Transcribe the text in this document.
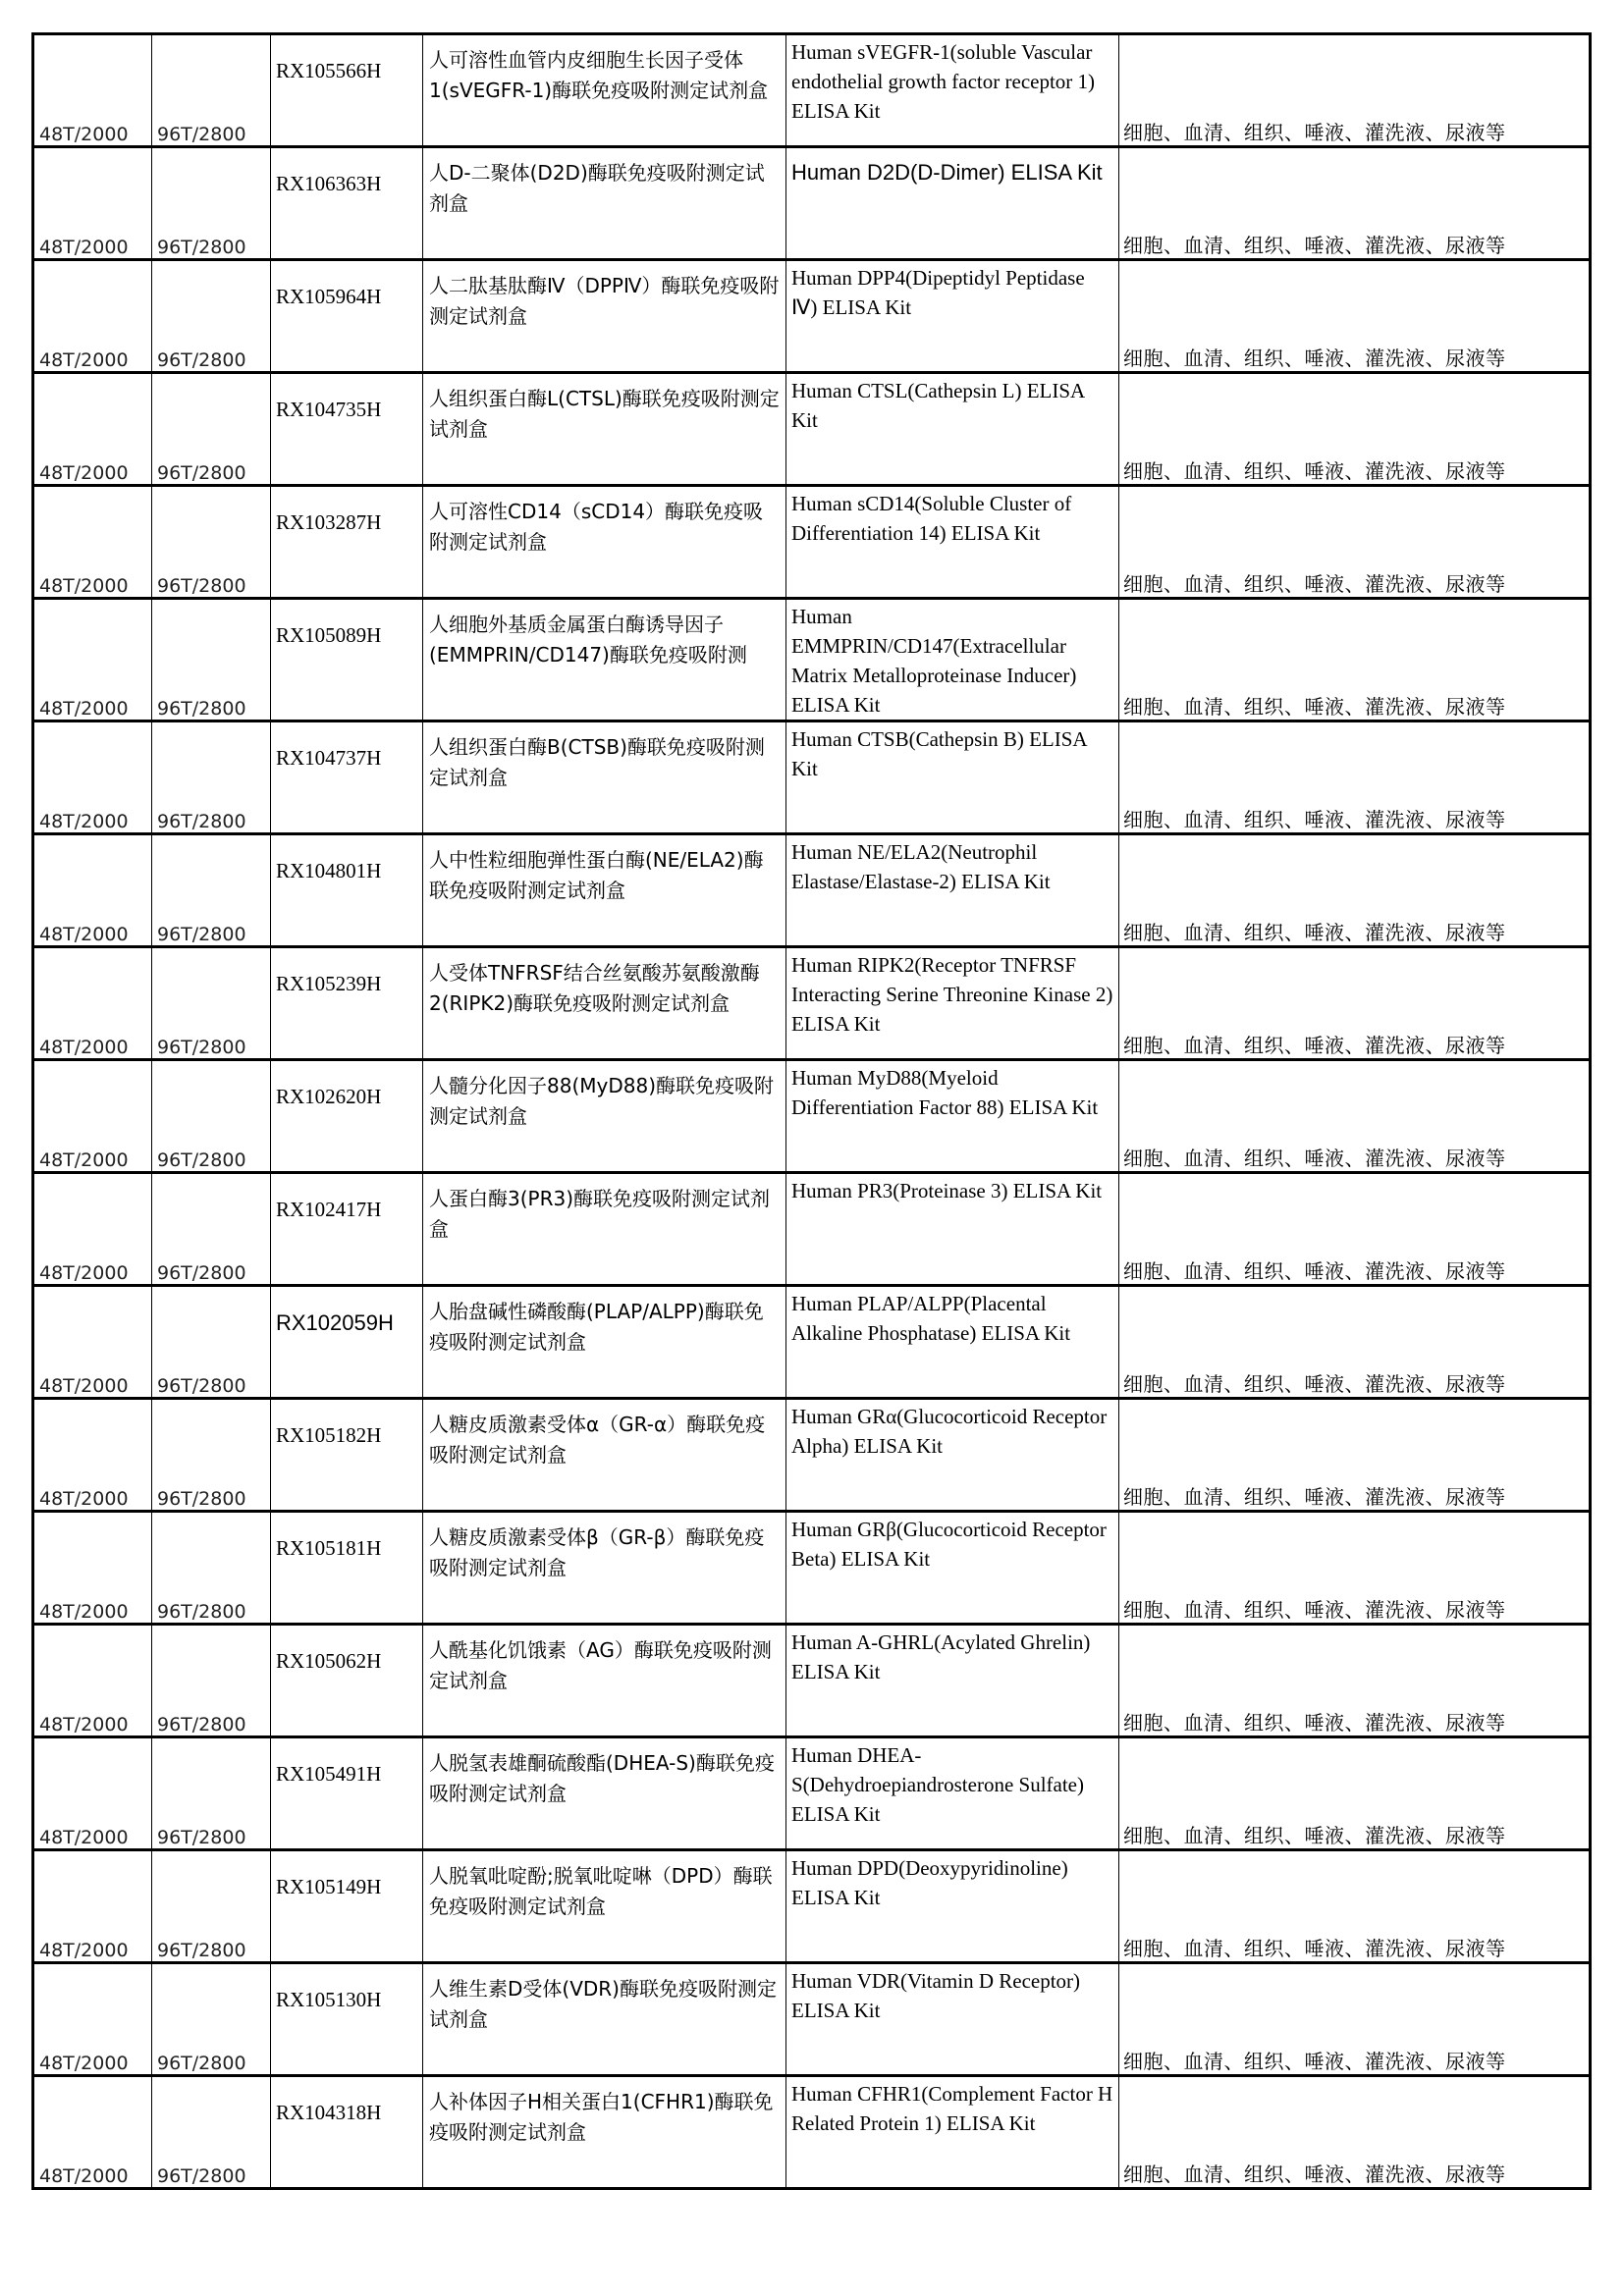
48T/2000	96T/2800	RX105566H	人可溶性血管内皮细胞生长因子受体1(sVEGFR-1)酶联免疫吸附测定试剂盒	Human sVEGFR-1(soluble Vascular endothelial growth factor receptor 1) ELISA Kit	细胞、血清、组织、唾液、灌洗液、尿液等

48T/2000	96T/2800	RX106363H	人D-二聚体(D2D)酶联免疫吸附测定试剂盒	Human D2D(D-Dimer) ELISA Kit	细胞、血清、组织、唾液、灌洗液、尿液等

48T/2000	96T/2800	RX105964H	人二肽基肽酶Ⅳ（DPPⅣ）酶联免疫吸附测定试剂盒	Human DPP4(Dipeptidyl Peptidase Ⅳ) ELISA Kit	细胞、血清、组织、唾液、灌洗液、尿液等

48T/2000	96T/2800	RX104735H	人组织蛋白酶L(CTSL)酶联免疫吸附测定试剂盒	Human CTSL(Cathepsin L) ELISA Kit	细胞、血清、组织、唾液、灌洗液、尿液等

48T/2000	96T/2800	RX103287H	人可溶性CD14（sCD14）酶联免疫吸附测定试剂盒	Human sCD14(Soluble Cluster of Differentiation 14) ELISA Kit	细胞、血清、组织、唾液、灌洗液、尿液等

48T/2000	96T/2800	RX105089H	人细胞外基质金属蛋白酶诱导因子(EMMPRIN/CD147)酶联免疫吸附测	Human EMMPRIN/CD147(Extracellular Matrix Metalloproteinase Inducer) ELISA Kit	细胞、血清、组织、唾液、灌洗液、尿液等

48T/2000	96T/2800	RX104737H	人组织蛋白酶B(CTSB)酶联免疫吸附测定试剂盒	Human CTSB(Cathepsin B) ELISA Kit	细胞、血清、组织、唾液、灌洗液、尿液等

48T/2000	96T/2800	RX104801H	人中性粒细胞弹性蛋白酶(NE/ELA2)酶联免疫吸附测定试剂盒	Human NE/ELA2(Neutrophil Elastase/Elastase-2) ELISA Kit	细胞、血清、组织、唾液、灌洗液、尿液等

48T/2000	96T/2800	RX105239H	人受体TNFRSF结合丝氨酸苏氨酸激酶2(RIPK2)酶联免疫吸附测定试剂盒	Human RIPK2(Receptor TNFRSF Interacting Serine Threonine Kinase 2) ELISA Kit	细胞、血清、组织、唾液、灌洗液、尿液等

48T/2000	96T/2800	RX102620H	人髓分化因子88(MyD88)酶联免疫吸附测定试剂盒	Human MyD88(Myeloid Differentiation Factor 88) ELISA Kit	细胞、血清、组织、唾液、灌洗液、尿液等

48T/2000	96T/2800	RX102417H	人蛋白酶3(PR3)酶联免疫吸附测定试剂盒	Human PR3(Proteinase 3) ELISA Kit	细胞、血清、组织、唾液、灌洗液、尿液等

48T/2000	96T/2800	RX102059H	人胎盘碱性磷酸酶(PLAP/ALPP)酶联免疫吸附测定试剂盒	Human PLAP/ALPP(Placental Alkaline Phosphatase) ELISA Kit	细胞、血清、组织、唾液、灌洗液、尿液等

48T/2000	96T/2800	RX105182H	人糖皮质激素受体α（GR-α）酶联免疫吸附测定试剂盒	Human GRα(Glucocorticoid Receptor Alpha) ELISA Kit	细胞、血清、组织、唾液、灌洗液、尿液等

48T/2000	96T/2800	RX105181H	人糖皮质激素受体β（GR-β）酶联免疫吸附测定试剂盒	Human GRβ(Glucocorticoid Receptor Beta) ELISA Kit	细胞、血清、组织、唾液、灌洗液、尿液等

48T/2000	96T/2800	RX105062H	人酰基化饥饿素（AG）酶联免疫吸附测定试剂盒	Human A-GHRL(Acylated Ghrelin) ELISA Kit	细胞、血清、组织、唾液、灌洗液、尿液等

48T/2000	96T/2800	RX105491H	人脱氢表雄酮硫酸酯(DHEA-S)酶联免疫吸附测定试剂盒	Human DHEA-S(Dehydroepiandrosterone Sulfate) ELISA Kit	细胞、血清、组织、唾液、灌洗液、尿液等

48T/2000	96T/2800	RX105149H	人脱氧吡啶酚;脱氧吡啶啉（DPD）酶联免疫吸附测定试剂盒	Human DPD(Deoxypyridinoline) ELISA Kit	细胞、血清、组织、唾液、灌洗液、尿液等

48T/2000	96T/2800	RX105130H	人维生素D受体(VDR)酶联免疫吸附测定试剂盒	Human VDR(Vitamin D Receptor) ELISA Kit	细胞、血清、组织、唾液、灌洗液、尿液等

48T/2000	96T/2800	RX104318H	人补体因子H相关蛋白1(CFHR1)酶联免疫吸附测定试剂盒	Human CFHR1(Complement Factor H Related Protein 1) ELISA Kit	细胞、血清、组织、唾液、灌洗液、尿液等
